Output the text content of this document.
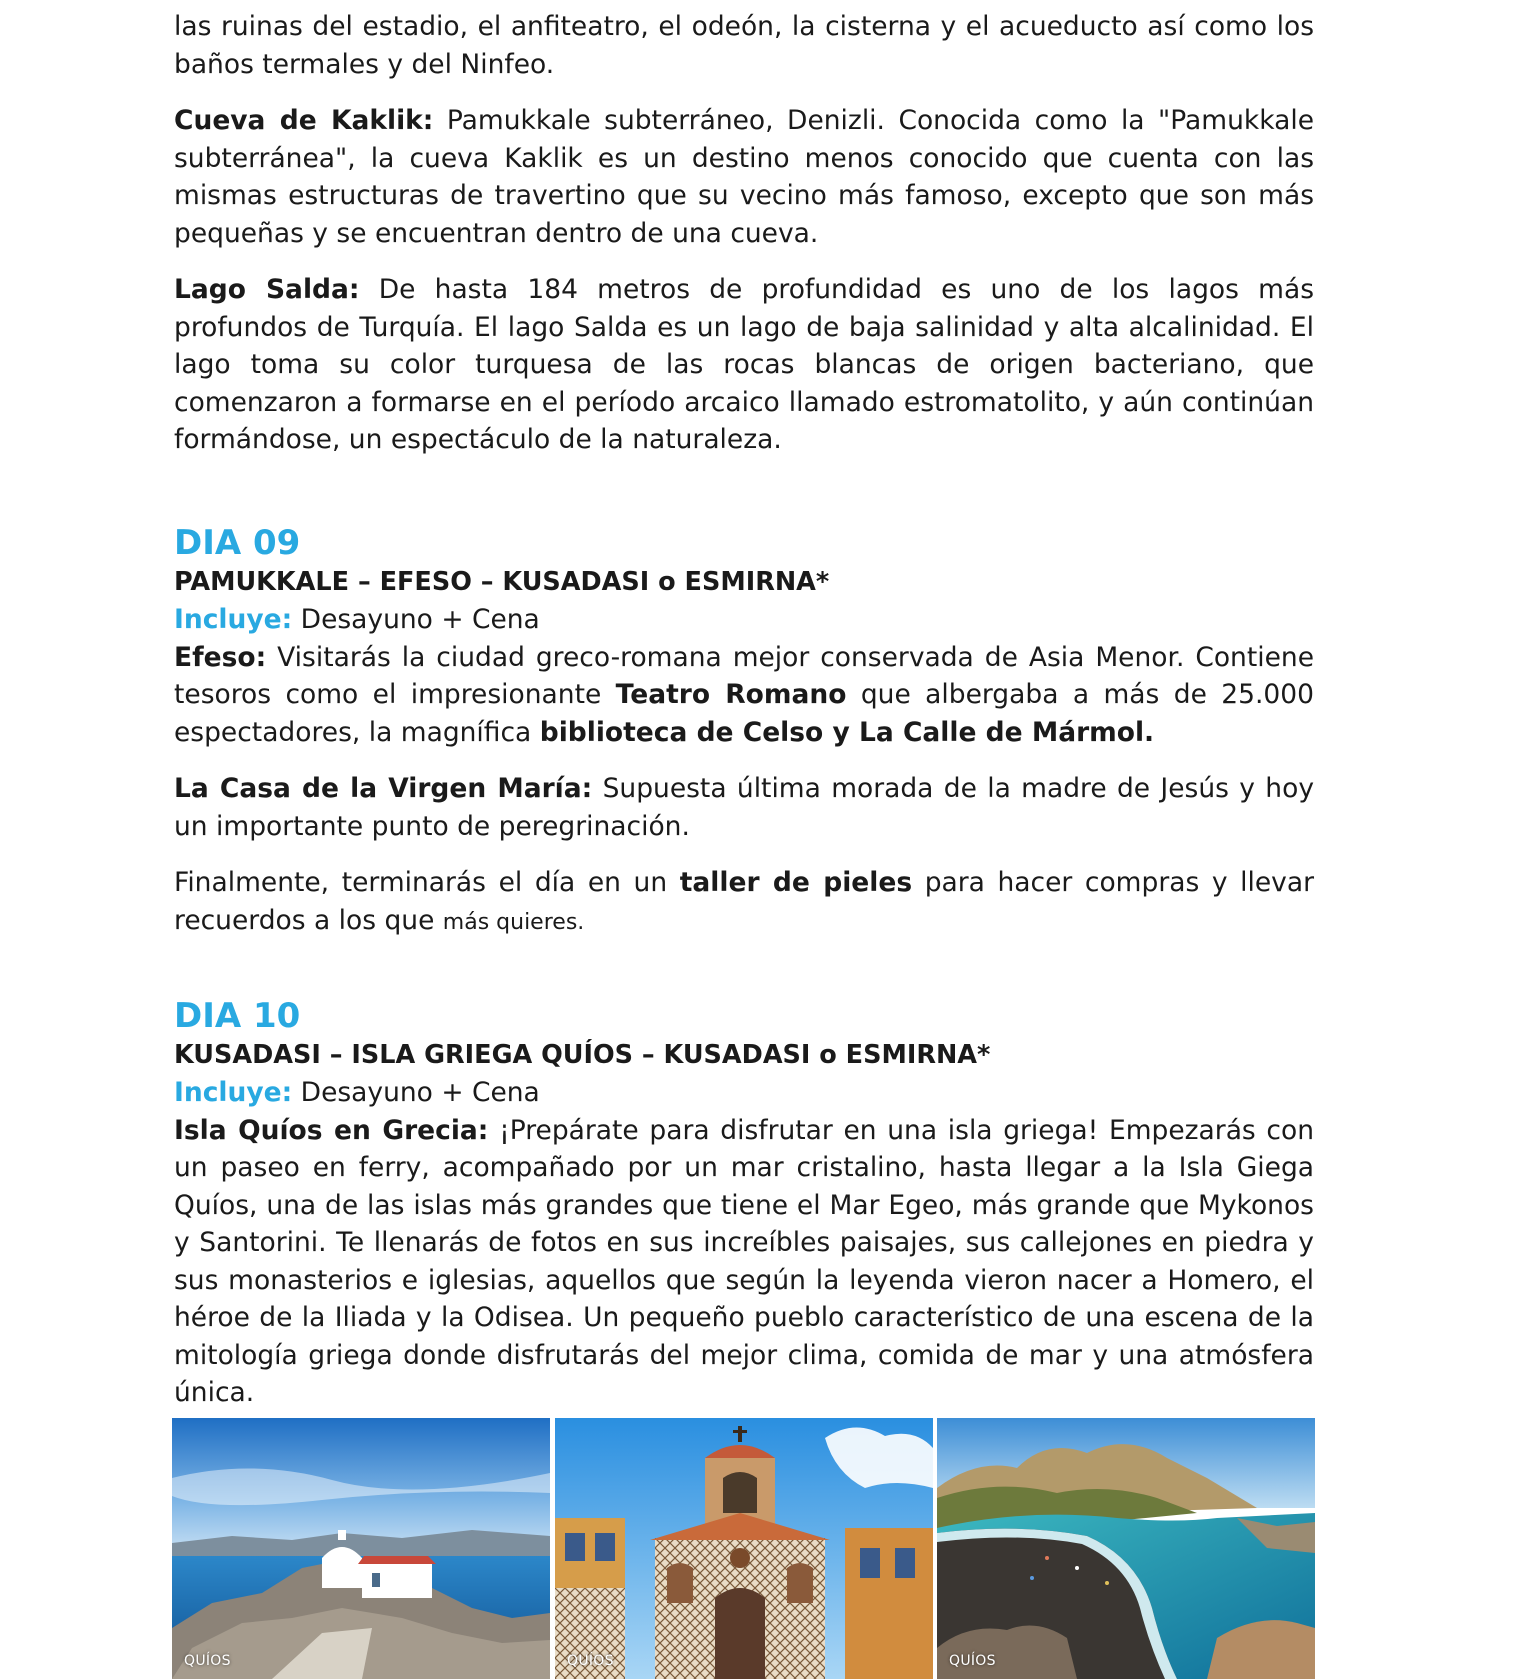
las ruinas del estadio, el anfiteatro, el odeón, la cisterna y el acueducto así como los baños termales y del Ninfeo.

Cueva de Kaklik: Pamukkale subterráneo, Denizli. Conocida como la "Pamukkale subterránea", la cueva Kaklik es un destino menos conocido que cuenta con las mismas estructuras de travertino que su vecino más famoso, excepto que son más pequeñas y se encuentran dentro de una cueva.

Lago Salda: De hasta 184 metros de profundidad es uno de los lagos más profundos de Turquía. El lago Salda es un lago de baja salinidad y alta alcalinidad. El lago toma su color turquesa de las rocas blancas de origen bacteriano, que comenzaron a formarse en el período arcaico llamado estromatolito, y aún continúan formándose, un espectáculo de la naturaleza.

DIA 09
PAMUKKALE – EFESO – KUSADASI o ESMIRNA*

Incluye: Desayuno + Cena

Efeso: Visitarás la ciudad greco-romana mejor conservada de Asia Menor. Contiene tesoros como el impresionante Teatro Romano que albergaba a más de 25.000 espectadores, la magnífica biblioteca de Celso y La Calle de Mármol.

La Casa de la Virgen María: Supuesta última morada de la madre de Jesús y hoy un importante punto de peregrinación.

Finalmente, terminarás el día en un taller de pieles para hacer compras y llevar recuerdos a los que más quieres.

DIA 10
KUSADASI – ISLA GRIEGA QUÍOS – KUSADASI o ESMIRNA*

Incluye: Desayuno + Cena

Isla Quíos en Grecia: ¡Prepárate para disfrutar en una isla griega! Empezarás con un paseo en ferry, acompañado por un mar cristalino, hasta llegar a la Isla Giega Quíos, una de las islas más grandes que tiene el Mar Egeo, más grande que Mykonos y Santorini. Te llenarás de fotos en sus increíbles paisajes, sus callejones en piedra y sus monasterios e iglesias, aquellos que según la leyenda vieron nacer a Homero, el héroe de la Iliada y la Odisea. Un pequeño pueblo característico de una escena de la mitología griega donde disfrutarás del mejor clima, comida de mar y una atmósfera única.

QUÍOS	QUÍOS	QUÍOS
